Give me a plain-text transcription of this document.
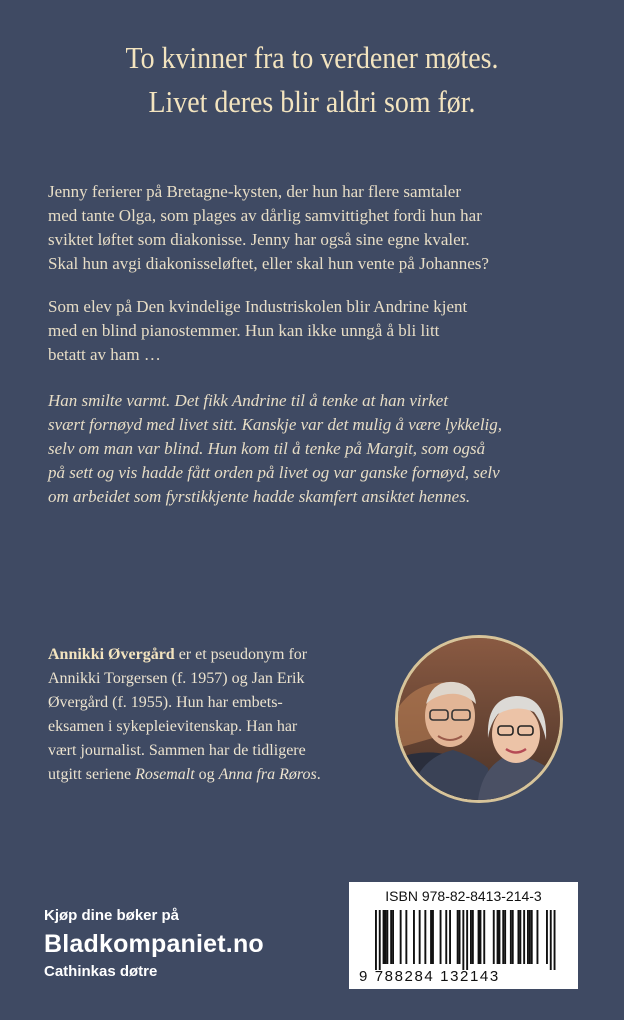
To kvinner fra to verdener møtes.
Livet deres blir aldri som før.
Jenny ferierer på Bretagne-kysten, der hun har flere samtaler
med tante Olga, som plages av dårlig samvittighet fordi hun har
sviktet løftet som diakonisse. Jenny har også sine egne kvaler.
Skal hun avgi diakonisseløftet, eller skal hun vente på Johannes?
Som elev på Den kvindelige Industriskolen blir Andrine kjent
med en blind pianostemmer. Hun kan ikke unngå å bli litt
betatt av ham …
Han smilte varmt. Det fikk Andrine til å tenke at han virket
svært fornøyd med livet sitt. Kanskje var det mulig å være lykkelig,
selv om man var blind. Hun kom til å tenke på Margit, som også
på sett og vis hadde fått orden på livet og var ganske fornøyd, selv
om arbeidet som fyrstikkjente hadde skamfert ansiktet hennes.
Annikki Øvergård er et pseudonym for
Annikki Torgersen (f. 1957) og Jan Erik
Øvergård (f. 1955). Hun har embets-
eksamen i sykepleievitenskap. Han har
vært journalist. Sammen har de tidligere
utgitt seriene Rosemalt og Anna fra Røros.
Kjøp dine bøker på
Bladkompaniet.no
Cathinkas døtre
ISBN 978-82-8413-214-3
9 788284 132143
